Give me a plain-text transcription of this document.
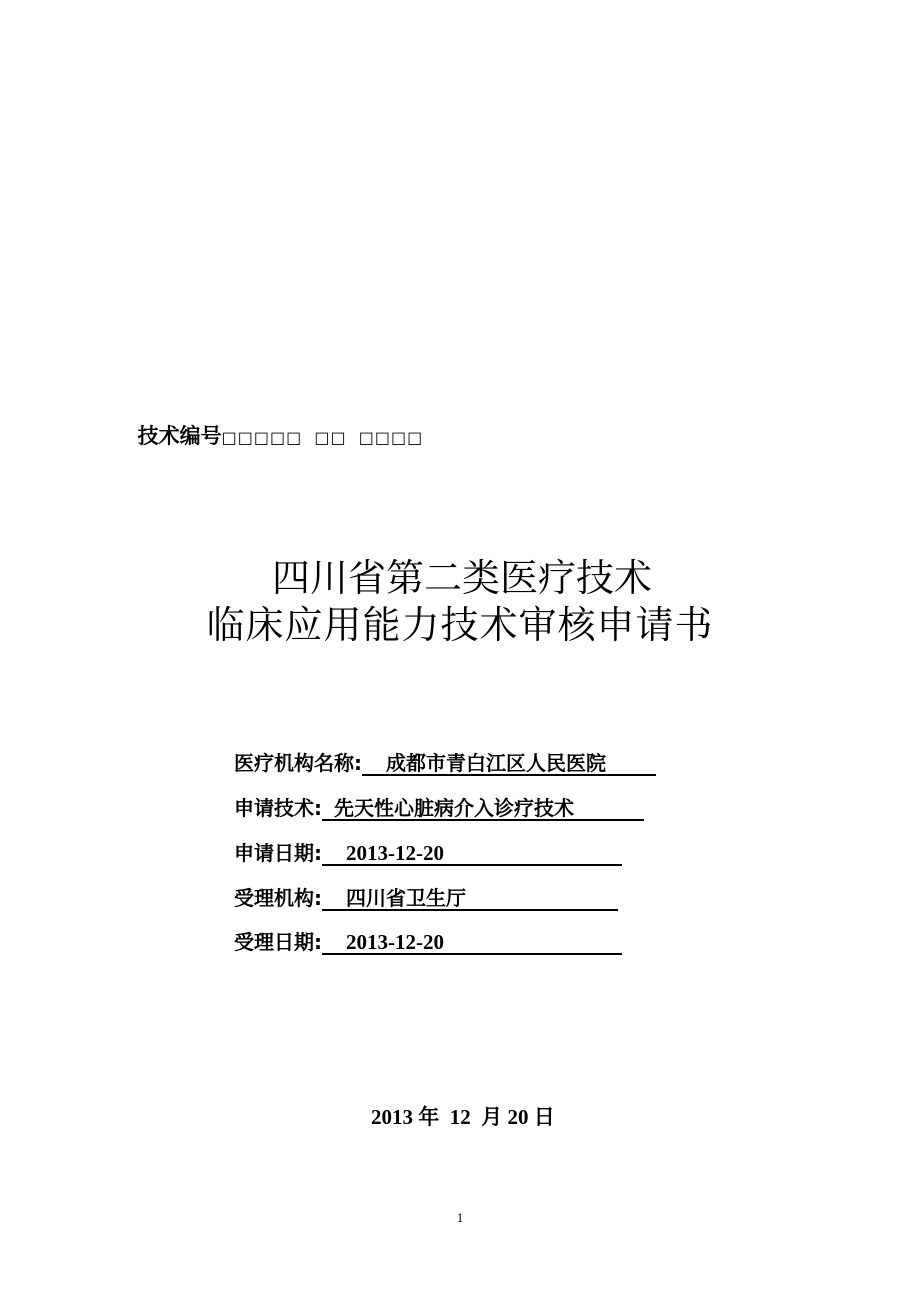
技术编号□□□□□  □□  □□□□

四川省第二类医疗技术
临床应用能力技术审核申请书
医疗机构名称: 成都市青白江区人民医院
申请技术: 先天性心脏病介入诊疗技术
申请日期: 2013-12-20
受理机构: 四川省卫生厅
受理日期: 2013-12-20
2013 年  12  月 20 日
1
